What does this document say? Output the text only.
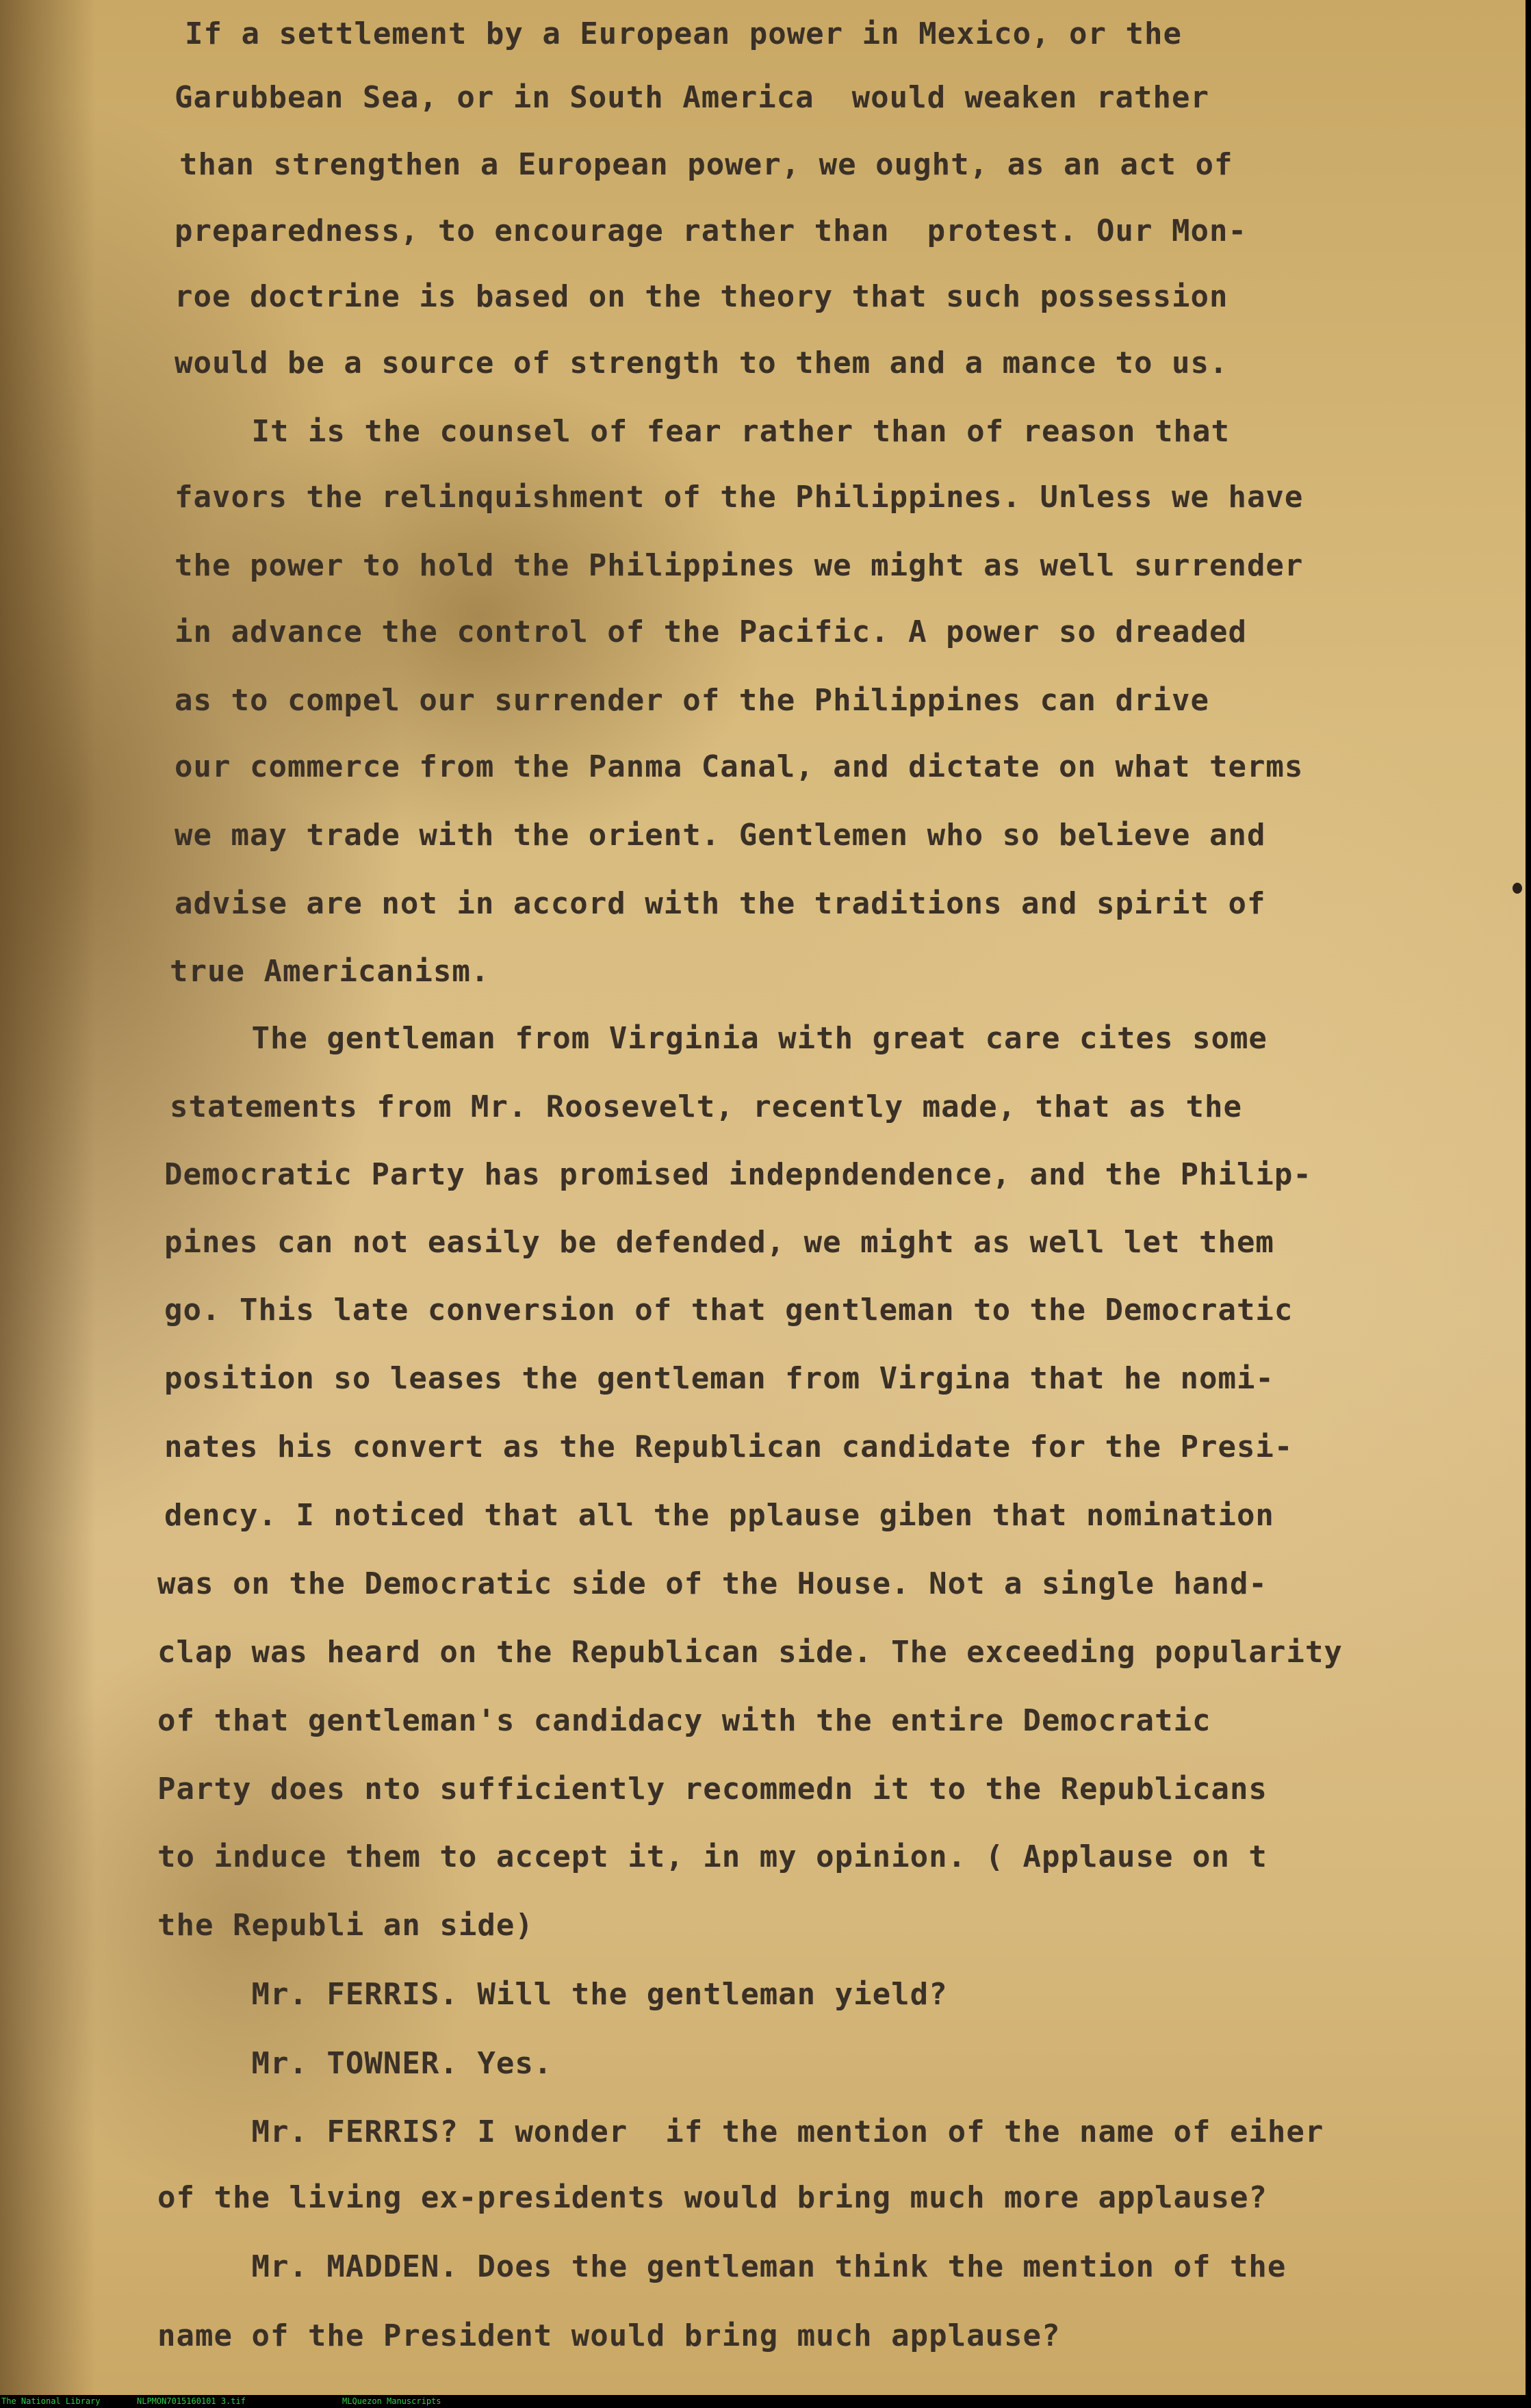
If a settlement by a European power in Mexico, or the
Garubbean Sea, or in South America  would weaken rather
than strengthen a European power, we ought, as an act of
preparedness, to encourage rather than  protest. Our Mon-
roe doctrine is based on the theory that such possession
would be a source of strength to them and a mance to us.
It is the counsel of fear rather than of reason that
favors the relinquishment of the Philippines. Unless we have
the power to hold the Philippines we might as well surrender
in advance the control of the Pacific. A power so dreaded
as to compel our surrender of the Philippines can drive
our commerce from the Panma Canal, and dictate on what terms
we may trade with the orient. Gentlemen who so believe and
advise are not in accord with the traditions and spirit of
true Americanism.
The gentleman from Virginia with great care cites some
statements from Mr. Roosevelt, recently made, that as the
Democratic Party has promised indepndendence, and the Philip-
pines can not easily be defended, we might as well let them
go. This late conversion of that gentleman to the Democratic
position so leases the gentleman from Virgina that he nomi-
nates his convert as the Republican candidate for the Presi-
dency. I noticed that all the pplause giben that nomination
was on the Democratic side of the House. Not a single hand-
clap was heard on the Republican side. The exceeding popularity
of that gentleman's candidacy with the entire Democratic
Party does nto sufficiently recommedn it to the Republicans
to induce them to accept it, in my opinion. ( Applause on t
the Republi an side)
Mr. FERRIS. Will the gentleman yield?
Mr. TOWNER. Yes.
Mr. FERRIS? I wonder  if the mention of the name of eiher
of the living ex-presidents would bring much more applause?
Mr. MADDEN. Does the gentleman think the mention of the
name of the President would bring much applause?
The National Library	NLPMON7015160101 3.tif	MLQuezon Manuscripts
